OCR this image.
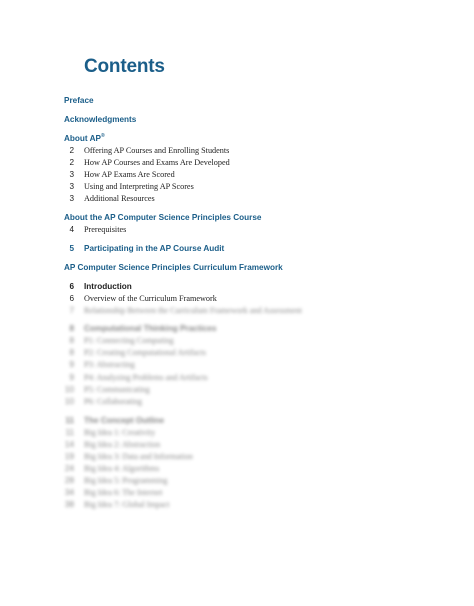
Contents
Preface
Acknowledgments
About AP®
2 Offering AP Courses and Enrolling Students
2 How AP Courses and Exams Are Developed
3 How AP Exams Are Scored
3 Using and Interpreting AP Scores
3 Additional Resources
About the AP Computer Science Principles Course
4 Prerequisites
5 Participating in the AP Course Audit
AP Computer Science Principles Curriculum Framework
6 Introduction
6 Overview of the Curriculum Framework
7 Relationship Between the Curriculum Framework and Assessment
8 Computational Thinking Practices
8 P1: Connecting Computing
8 P2: Creating Computational Artifacts
9 P3: Abstracting
9 P4: Analyzing Problems and Artifacts
10 P5: Communicating
10 P6: Collaborating
11 The Concept Outline
11 Big Idea 1: Creativity
14 Big Idea 2: Abstraction
19 Big Idea 3: Data and Information
24 Big Idea 4: Algorithms
28 Big Idea 5: Programming
34 Big Idea 6: The Internet
38 Big Idea 7: Global Impact
